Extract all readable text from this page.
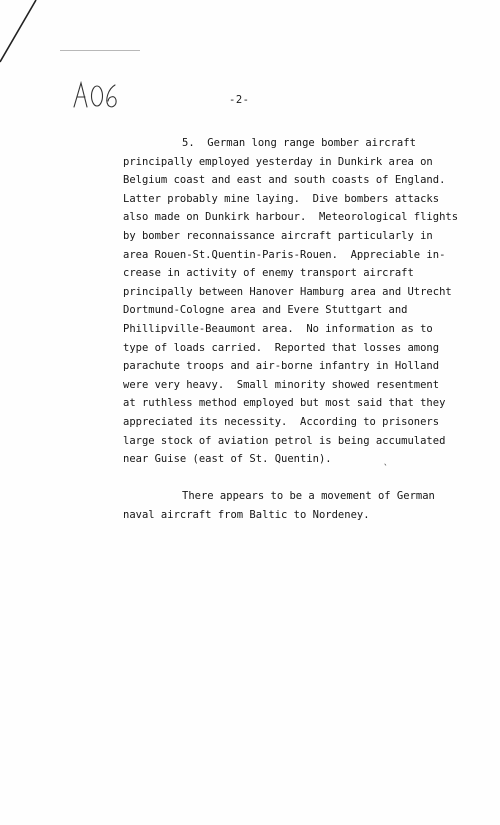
-2-
5.  German long range bomber aircraft
principally employed yesterday in Dunkirk area on
Belgium coast and east and south coasts of England.
Latter probably mine laying.  Dive bombers attacks
also made on Dunkirk harbour.  Meteorological flights
by bomber reconnaissance aircraft particularly in
area Rouen-St.Quentin-Paris-Rouen.  Appreciable in-
crease in activity of enemy transport aircraft
principally between Hanover Hamburg area and Utrecht
Dortmund-Cologne area and Evere Stuttgart and
Phillipville-Beaumont area.  No information as to
type of loads carried.  Reported that losses among
parachute troops and air-borne infantry in Holland
were very heavy.  Small minority showed resentment
at ruthless method employed but most said that they
appreciated its necessity.  According to prisoners
large stock of aviation petrol is being accumulated
near Guise (east of St. Quentin).
There appears to be a movement of German
naval aircraft from Baltic to Nordeney.
`
